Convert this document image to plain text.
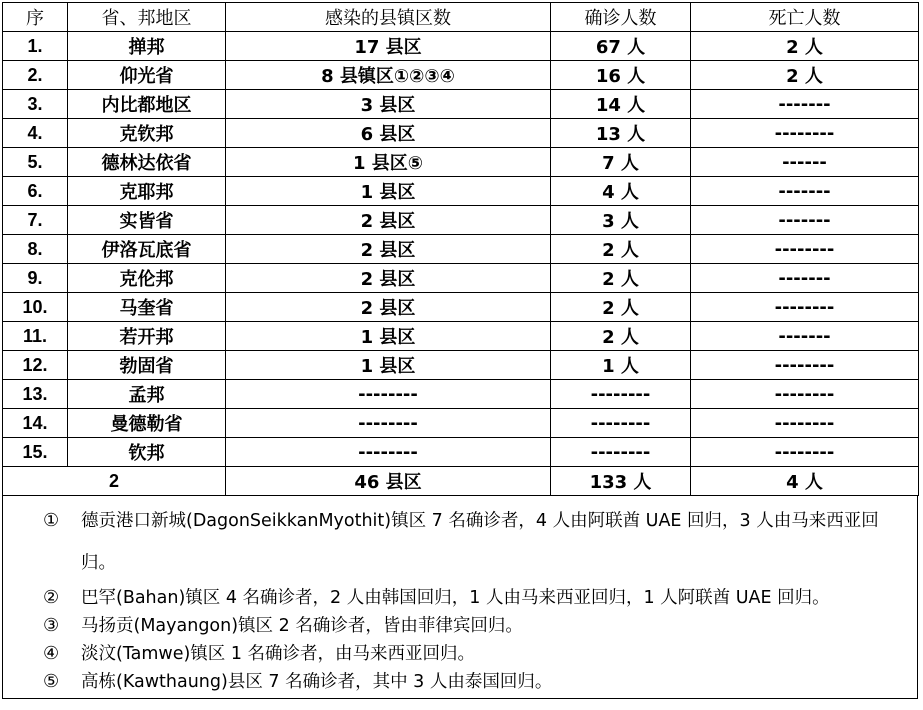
序	省、邦地区	感染的县镇区数	确诊人数	死亡人数
1.	掸邦	17 县区	67 人	2 人
2.	仰光省	8 县镇区①②③④	16 人	2 人
3.	内比都地区	3 县区	14 人	-------
4.	克钦邦	6 县区	13 人	--------
5.	德林达依省	1 县区⑤	7 人	------
6.	克耶邦	1 县区	4 人	-------
7.	实皆省	2 县区	3 人	-------
8.	伊洛瓦底省	2 县区	2 人	--------
9.	克伦邦	2 县区	2 人	-------
10.	马奎省	2 县区	2 人	--------
11.	若开邦	1 县区	2 人	-------
12.	勃固省	1 县区	1 人	--------
13.	孟邦	--------	--------	--------
14.	曼德勒省	--------	--------	--------
15.	钦邦	--------	--------	--------
2		46 县区	133 人	4 人
① 德贡港口新城(DagonSeikkanMyothit)镇区 7 名确诊者，4 人由阿联酋 UAE 回归，3 人由马来西亚回归。
② 巴罕(Bahan)镇区 4 名确诊者，2 人由韩国回归，1 人由马来西亚回归，1 人阿联酋 UAE 回归。
③ 马扬贡(Mayangon)镇区 2 名确诊者，皆由菲律宾回归。
④ 淡汶(Tamwe)镇区 1 名确诊者，由马来西亚回归。
⑤ 高栋(Kawthaung)县区 7 名确诊者，其中 3 人由泰国回归。
